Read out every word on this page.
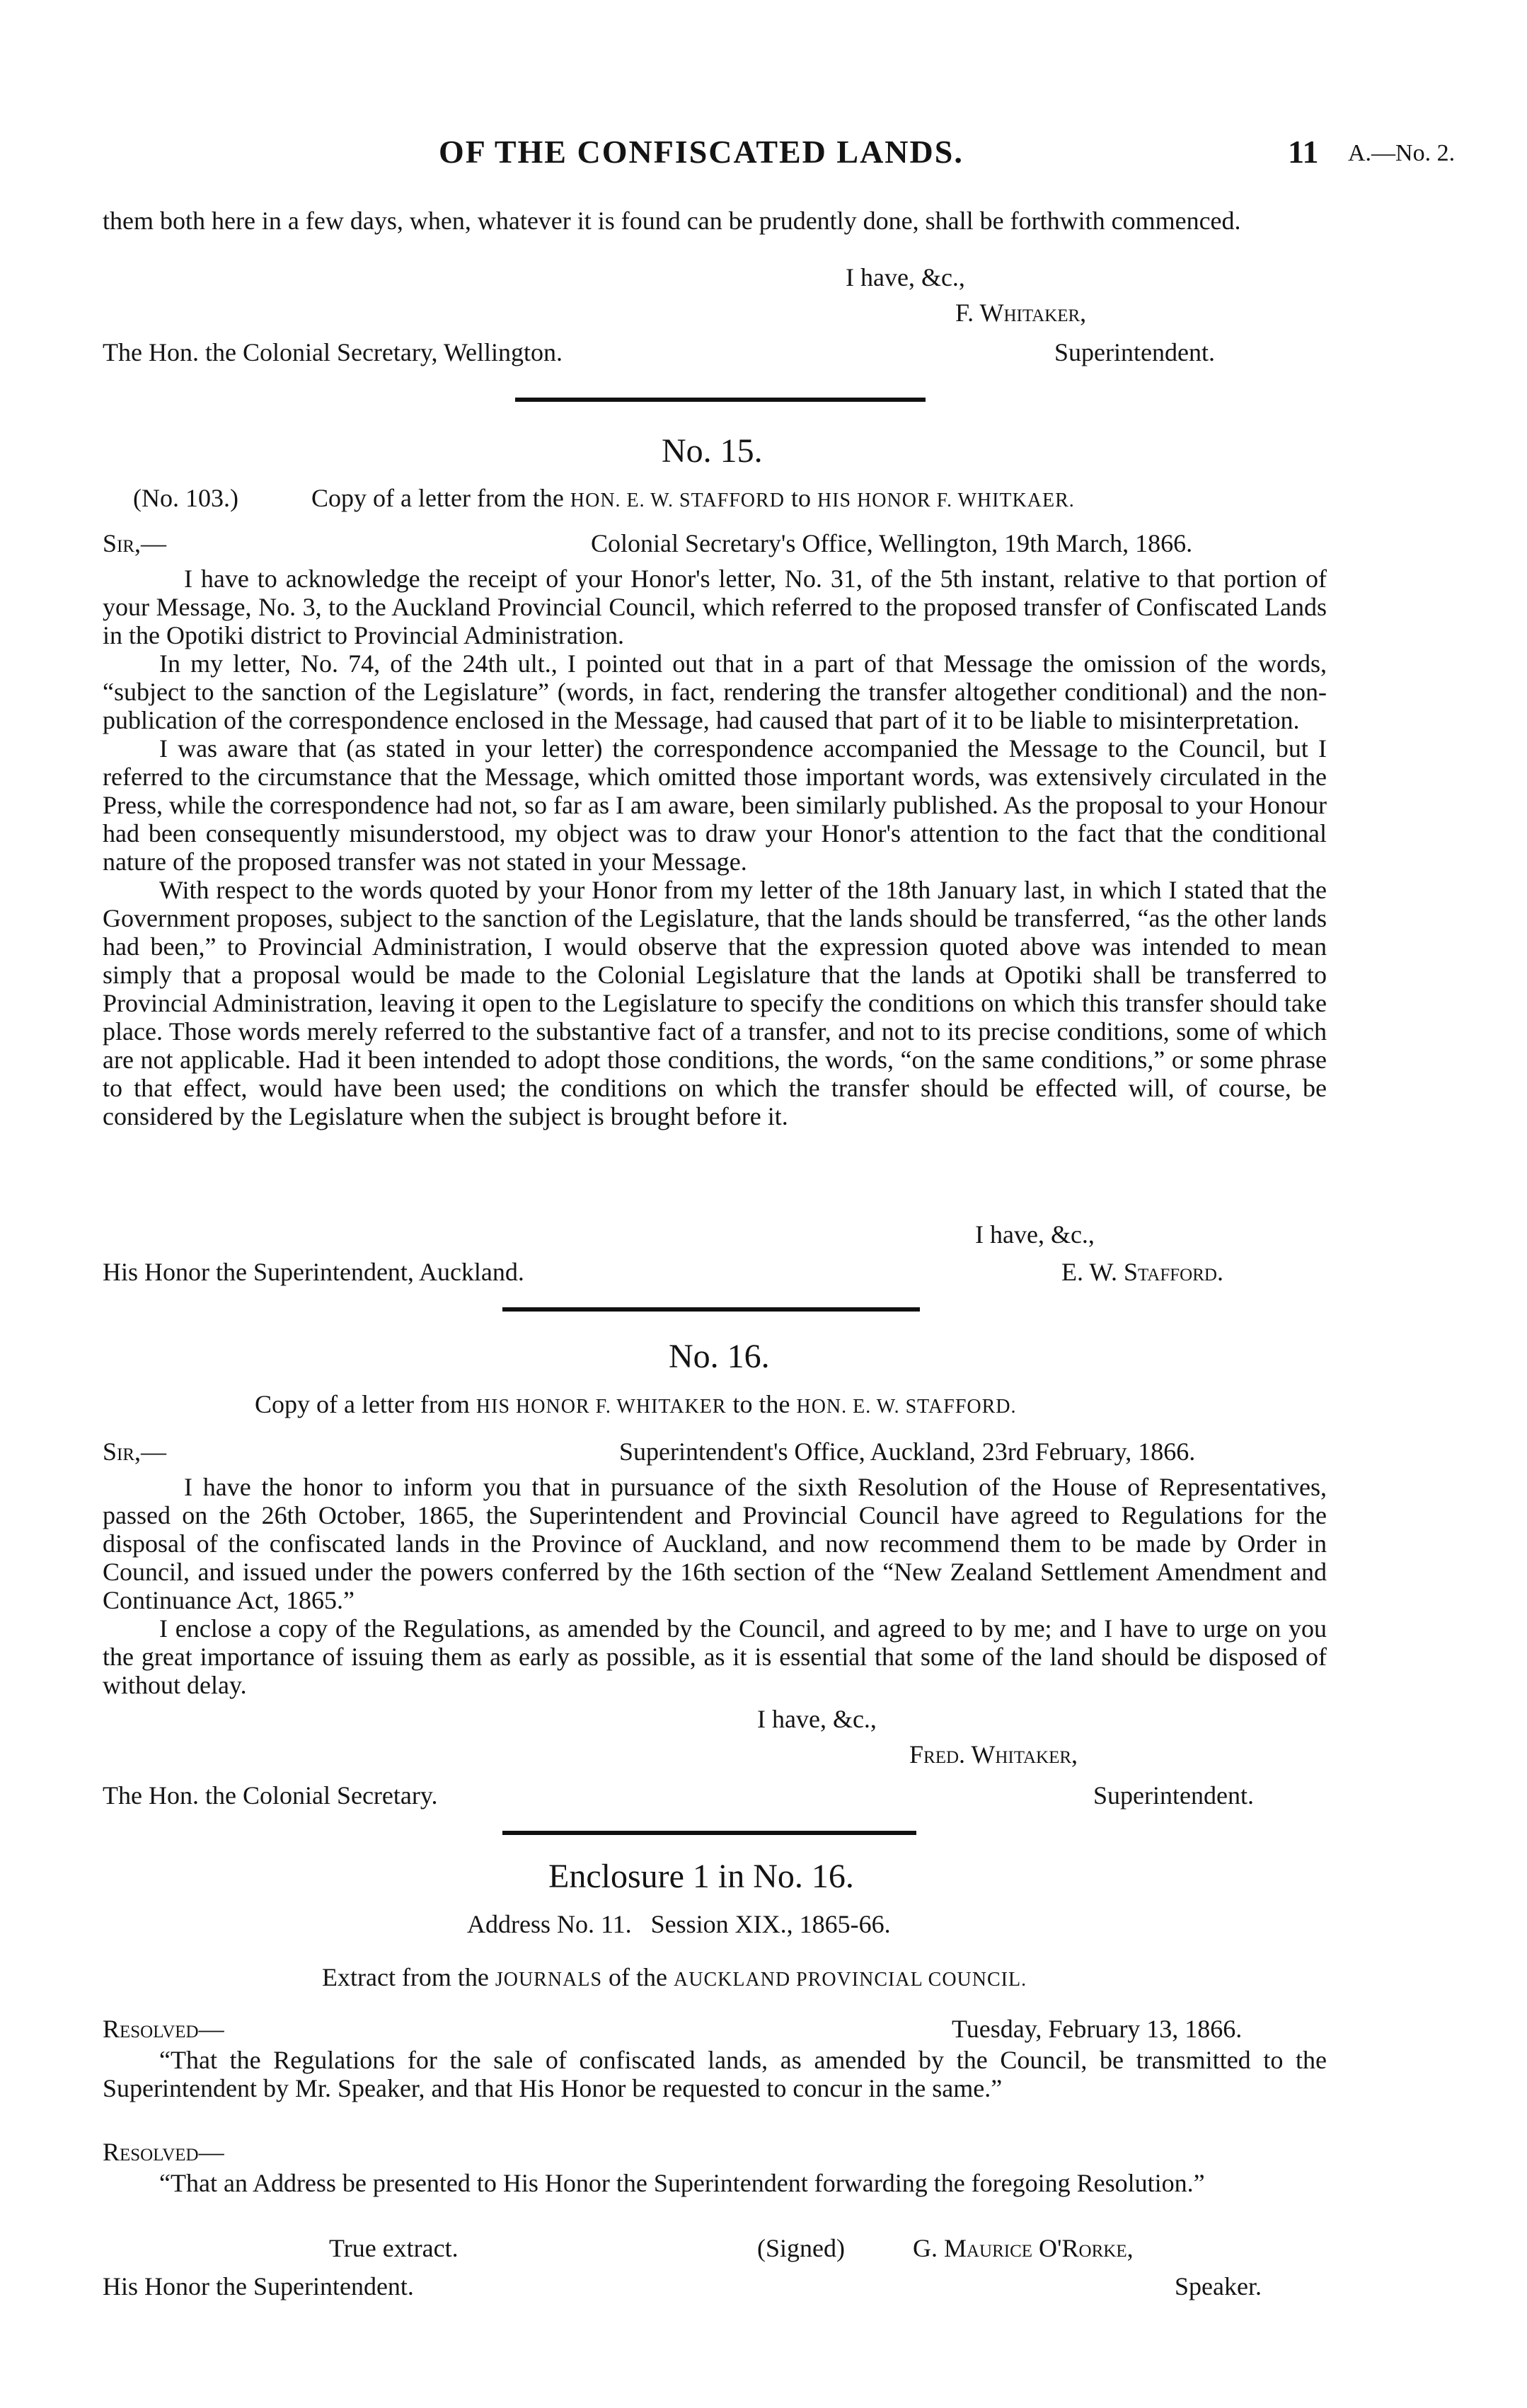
OF THE CONFISCATED LANDS.	11 A.—No. 2.

them both here in a few days, when, whatever it is found can be prudently done, shall be forthwith commenced.

I have, &c.,
F. Whitaker,
The Hon. the Colonial Secretary, Wellington.	Superintendent.
No. 15.
(No. 103.)	Copy of a letter from the HON. E. W. STAFFORD to HIS HONOR F. WHITKAER.
Sir,—	Colonial Secretary's Office, Wellington, 19th March, 1866.

I have to acknowledge the receipt of your Honor's letter, No. 31, of the 5th instant, relative to that portion of your Message, No. 3, to the Auckland Provincial Council, which referred to the proposed transfer of Confiscated Lands in the Opotiki district to Provincial Administration.

In my letter, No. 74, of the 24th ult., I pointed out that in a part of that Message the omission of the words, “subject to the sanction of the Legislature” (words, in fact, rendering the transfer altogether conditional) and the non-publication of the correspondence enclosed in the Message, had caused that part of it to be liable to misinterpretation.

I was aware that (as stated in your letter) the correspondence accompanied the Message to the Council, but I referred to the circumstance that the Message, which omitted those important words, was extensively circulated in the Press, while the correspondence had not, so far as I am aware, been similarly published. As the proposal to your Honour had been consequently misunderstood, my object was to draw your Honor's attention to the fact that the conditional nature of the proposed transfer was not stated in your Message.

With respect to the words quoted by your Honor from my letter of the 18th January last, in which I stated that the Government proposes, subject to the sanction of the Legislature, that the lands should be transferred, “as the other lands had been,” to Provincial Administration, I would observe that the expression quoted above was intended to mean simply that a proposal would be made to the Colonial Legislature that the lands at Opotiki shall be transferred to Provincial Administration, leaving it open to the Legislature to specify the conditions on which this transfer should take place. Those words merely referred to the substantive fact of a transfer, and not to its precise conditions, some of which are not applicable. Had it been intended to adopt those conditions, the words, “on the same conditions,” or some phrase to that effect, would have been used; the conditions on which the transfer should be effected will, of course, be considered by the Legislature when the subject is brought before it.

I have, &c.,
His Honor the Superintendent, Auckland.	E. W. Stafford.
No. 16.
Copy of a letter from HIS HONOR F. WHITAKER to the HON. E. W. STAFFORD.
Sir,—	Superintendent's Office, Auckland, 23rd February, 1866.

I have the honor to inform you that in pursuance of the sixth Resolution of the House of Representatives, passed on the 26th October, 1865, the Superintendent and Provincial Council have agreed to Regulations for the disposal of the confiscated lands in the Province of Auckland, and now recommend them to be made by Order in Council, and issued under the powers conferred by the 16th section of the “New Zealand Settlement Amendment and Continuance Act, 1865.”

I enclose a copy of the Regulations, as amended by the Council, and agreed to by me; and I have to urge on you the great importance of issuing them as early as possible, as it is essential that some of the land should be disposed of without delay.

I have, &c.,
Fred. Whitaker,
The Hon. the Colonial Secretary.	Superintendent.
Enclosure 1 in No. 16.
Address No. 11.   Session XIX., 1865-66.
Extract from the JOURNALS of the AUCKLAND PROVINCIAL COUNCIL.
Resolved—	Tuesday, February 13, 1866.

“That the Regulations for the sale of confiscated lands, as amended by the Council, be transmitted to the Superintendent by Mr. Speaker, and that His Honor be requested to concur in the same.”

Resolved—

“That an Address be presented to His Honor the Superintendent forwarding the foregoing Resolution.”

True extract.	(Signed)	G. Maurice O'Rorke,
His Honor the Superintendent.	Speaker.
